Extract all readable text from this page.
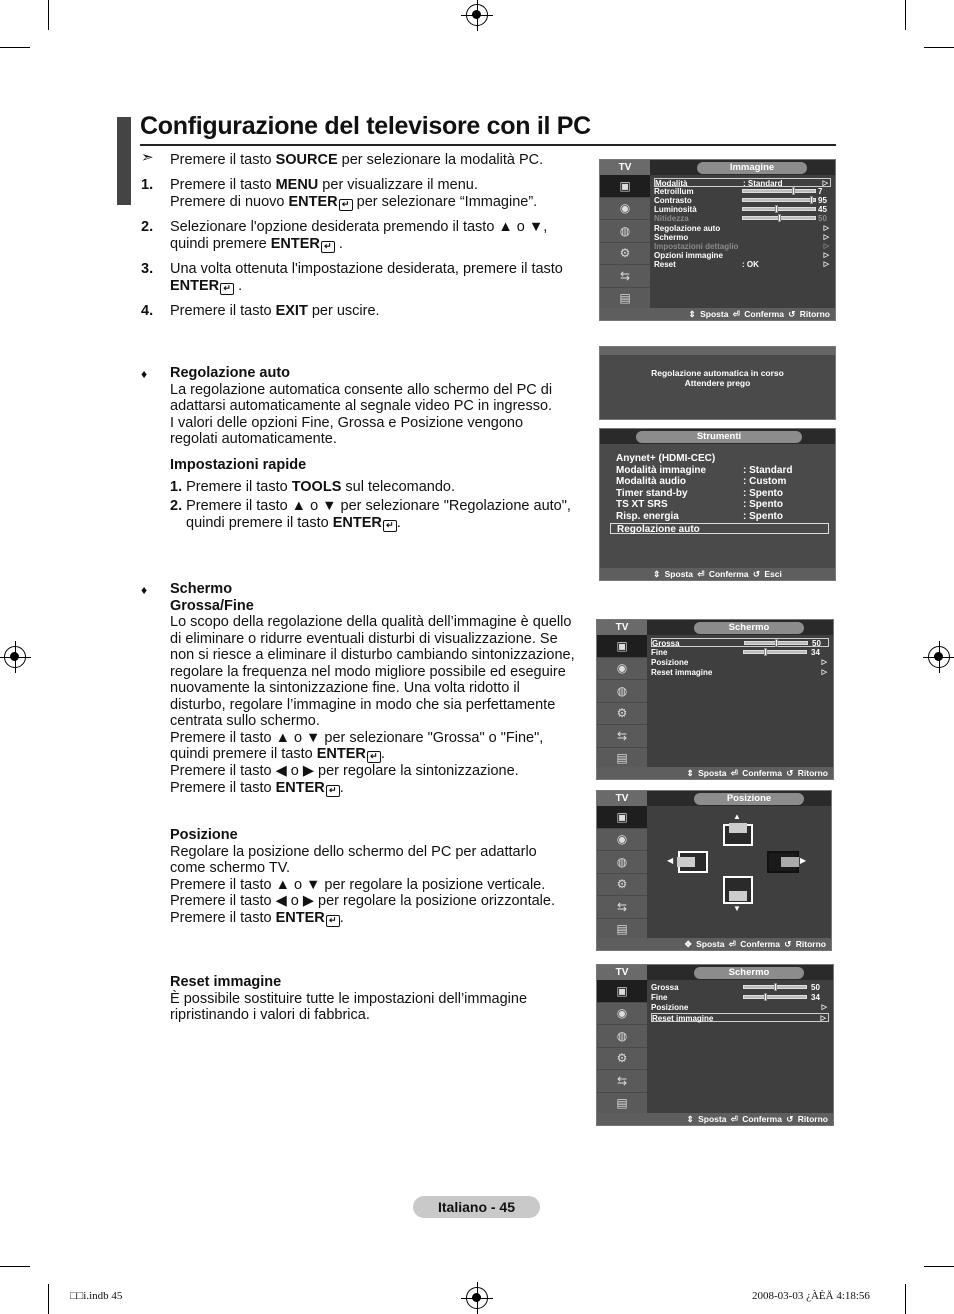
Configurazione del televisore con il PC
➣ Premere il tasto SOURCE per selezionare la modalità PC.
1. Premere il tasto MENU per visualizzare il menu.
Premere di nuovo ENTER ↵ per selezionare “Immagine”.
2. Selezionare l'opzione desiderata premendo il tasto ▲ o ▼,
quindi premere ENTER ↵ .
3. Una volta ottenuta l'impostazione desiderata, premere il tasto
ENTER ↵ .
4. Premere il tasto EXIT per uscire.
♦ Regolazione auto
La regolazione automatica consente allo schermo del PC di
adattarsi automaticamente al segnale video PC in ingresso.
I valori delle opzioni Fine, Grossa e Posizione vengono
regolati automaticamente.
Impostazioni rapide
1. Premere il tasto TOOLS sul telecomando.
2. Premere il tasto ▲ o ▼ per selezionare "Regolazione auto",
quindi premere il tasto ENTER ↵ .
♦ Schermo
Grossa/Fine
Lo scopo della regolazione della qualità dell’immagine è quello
di eliminare o ridurre eventuali disturbi di visualizzazione. Se
non si riesce a eliminare il disturbo cambiando sintonizzazione,
regolare la frequenza nel modo migliore possibile ed eseguire
nuovamente la sintonizzazione fine. Una volta ridotto il
disturbo, regolare l’immagine in modo che sia perfettamente
centrata sullo schermo.
Premere il tasto ▲ o ▼ per selezionare "Grossa" o "Fine",
quindi premere il tasto ENTER ↵ .
Premere il tasto ◀ o ▶ per regolare la sintonizzazione.
Premere il tasto ENTER ↵ .
Posizione
Regolare la posizione dello schermo del PC per adattarlo
come schermo TV.
Premere il tasto ▲ o ▼ per regolare la posizione verticale.
Premere il tasto ◀ o ▶ per regolare la posizione orizzontale.
Premere il tasto ENTER ↵ .
Reset immagine
È possibile sostituire tutte le impostazioni dell’immagine
ripristinando i valori di fabbrica.
TV	Immagine
▣
◉
◍
⚙
⇆
▤
Modalità	: Standard	▷
Retroillum	7
Contrasto	95
Luminosità	45
Nitidezza	50
Regolazione auto	▷
Schermo	▷
Impostazioni dettaglio	▷
Opzioni immagine	▷
Reset	: OK	▷
⇕ Sposta ⏎ Conferma ↺ Ritorno
Regolazione automatica in corso
Attendere prego
Strumenti
Anynet+ (HDMI-CEC)
Modalità immagine	: Standard
Modalità audio	: Custom
Timer stand-by	: Spento
TS XT SRS	: Spento
Risp. energia	: Spento
Regolazione auto
⇕ Sposta ⏎ Conferma ↺ Esci
TV	Schermo
▣
◉
◍
⚙
⇆
▤
Grossa	50
Fine	34
Posizione	▷
Reset immagine	▷
⇕ Sposta ⏎ Conferma ↺ Ritorno
TV	Posizione
▣
◉
◍
⚙
⇆
▤
▲
◀	▶
▼
✥ Sposta ⏎ Conferma ↺ Ritorno
TV	Schermo
▣
◉
◍
⚙
⇆
▤
Grossa	50
Fine	34
Posizione	▷
Reset immagine	▷
⇕ Sposta ⏎ Conferma ↺ Ritorno
Italiano - 45
□□i.indb 45	2008-03-03 ¿ÀÈÄ 4:18:56
